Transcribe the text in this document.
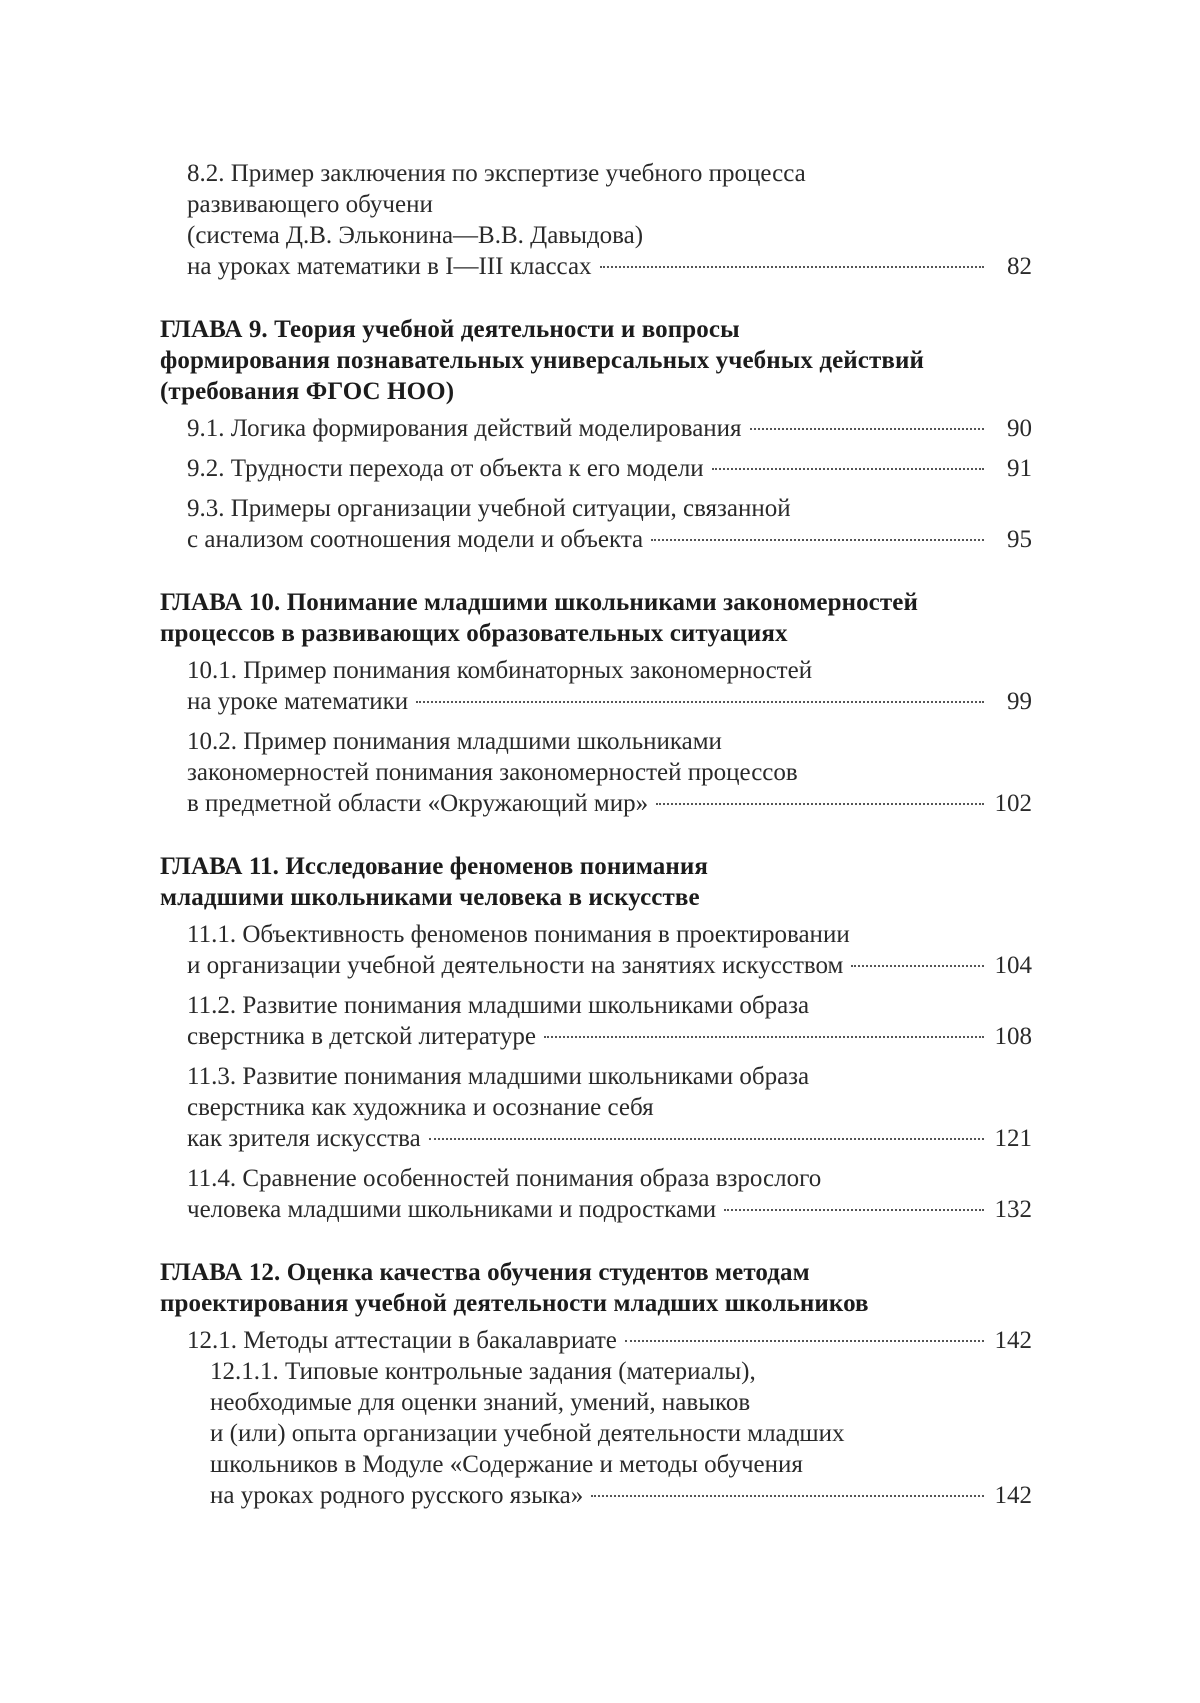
8.2. Пример заключения по экспертизе учебного процесса
развивающего обучени
(система Д.В. Эльконина—В.В. Давыдова)
на уроках математики в I—III классах	82
ГЛАВА 9. Теория учебной деятельности и вопросы
формирования познавательных универсальных учебных действий
(требования ФГОС НОО)
9.1. Логика формирования действий моделирования	90
9.2. Трудности перехода от объекта к его модели	91
9.3. Примеры организации учебной ситуации, связанной
с анализом соотношения модели и объекта	95
ГЛАВА 10. Понимание младшими школьниками закономерностей
процессов в развивающих образовательных ситуациях
10.1. Пример понимания комбинаторных закономерностей
на уроке математики	99
10.2. Пример понимания младшими школьниками
закономерностей понимания закономерностей процессов
в предметной области «Окружающий мир»	102
ГЛАВА 11. Исследование феноменов понимания
младшими школьниками человека в искусстве
11.1. Объективность феноменов понимания в проектировании
и организации учебной деятельности на занятиях искусством	104
11.2. Развитие понимания младшими школьниками образа
сверстника в детской литературе	108
11.3. Развитие понимания младшими школьниками образа
сверстника как художника и осознание себя
как зрителя искусства	121
11.4. Сравнение особенностей понимания образа взрослого
человека младшими школьниками и подростками	132
ГЛАВА 12. Оценка качества обучения студентов методам
проектирования учебной деятельности младших школьников
12.1. Методы аттестации в бакалавриате	142
12.1.1. Типовые контрольные задания (материалы),
необходимые для оценки знаний, умений, навыков
и (или) опыта организации учебной деятельности младших
школьников в Модуле «Содержание и методы обучения
на уроках родного русского языка»	142
